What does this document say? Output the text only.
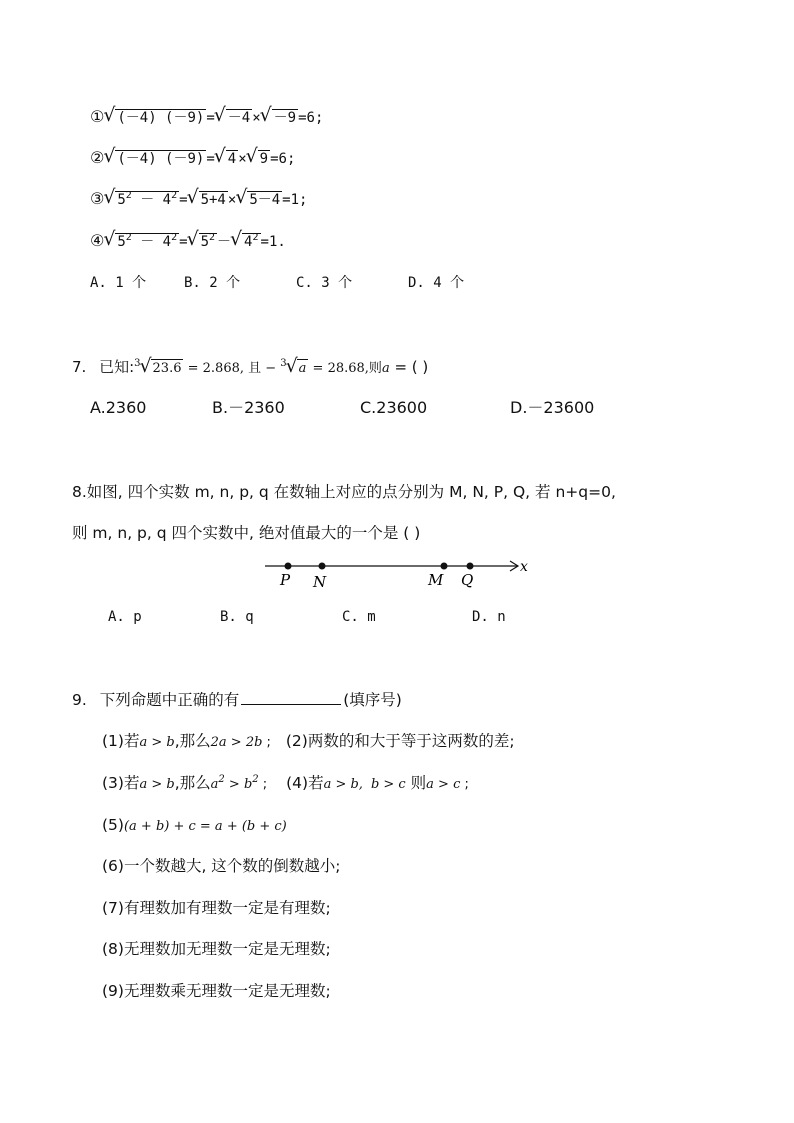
① √ (－4) (－9) = √ －4 × √ －9 =6;
② √ (－4) (－9) = √ 4 × √ 9 =6;
③ √ $5^2 - 4^2$ = √ 5+4 × √ 5－4 =1;
④ √ $5^2 - 4^2$ = √ $5^2$ － √ $4^2 =1$.
A. 1 个	B. 2 个	C. 3 个	D. 4 个
7. 已知:$^3$ √ 23.6 = 2.868, 且 − $^3$ √ a = 28.68,则a = ( )
A.2360	B.－2360	C.23600	D.－23600
8.如图, 四个实数 m, n, p, q 在数轴上对应的点分别为 M, N, P, Q, 若 n+q=0,
则 m, n, p, q 四个实数中, 绝对值最大的一个是 ( )
P N	M Q
x
A. p	B. q	C. m	D. n
9. 下列命题中正确的有	(填序号)
(1)若a > b,那么2a > 2b ; (2)两数的和大于等于这两数的差;
(3)若a > b,那么$a^2 > b^2$ ; (4)若a > b, b > c 则a > c ;
(5)(a + b) + c = a + (b + c)
(6)一个数越大, 这个数的倒数越小;
(7)有理数加有理数一定是有理数;
(8)无理数加无理数一定是无理数;
(9)无理数乘无理数一定是无理数;
